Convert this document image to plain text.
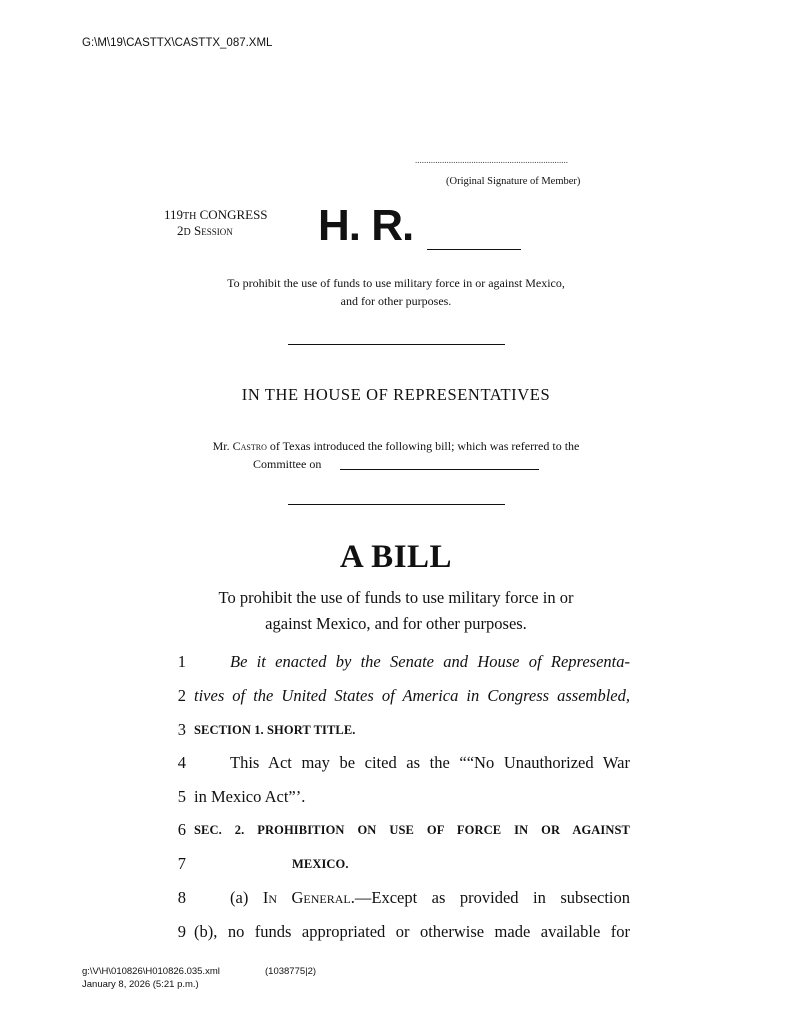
G:\M\19\CASTTX\CASTTX_087.XML
....................................................................
(Original Signature of Member)
119TH CONGRESS
2D Session H. R.
To prohibit the use of funds to use military force in or against Mexico,
and for other purposes.
IN THE HOUSE OF REPRESENTATIVES
Mr. Castro of Texas introduced the following bill; which was referred to the
Committee on
A BILL
To prohibit the use of funds to use military force in or
against Mexico, and for other purposes.
1	Be it enacted by the Senate and House of Representa-
2 tives of the United States of America in Congress assembled,
3 SECTION 1. SHORT TITLE.
4	This Act may be cited as the ““No Unauthorized War
5 in Mexico Act”’.
6 SEC. 2. PROHIBITION ON USE OF FORCE IN OR AGAINST
7	MEXICO.
8	(a) In General.—Except as provided in subsection
9 (b), no funds appropriated or otherwise made available for
g:\V\H\010826\H010826.035.xml	(1038775|2)
January 8, 2026 (5:21 p.m.)
